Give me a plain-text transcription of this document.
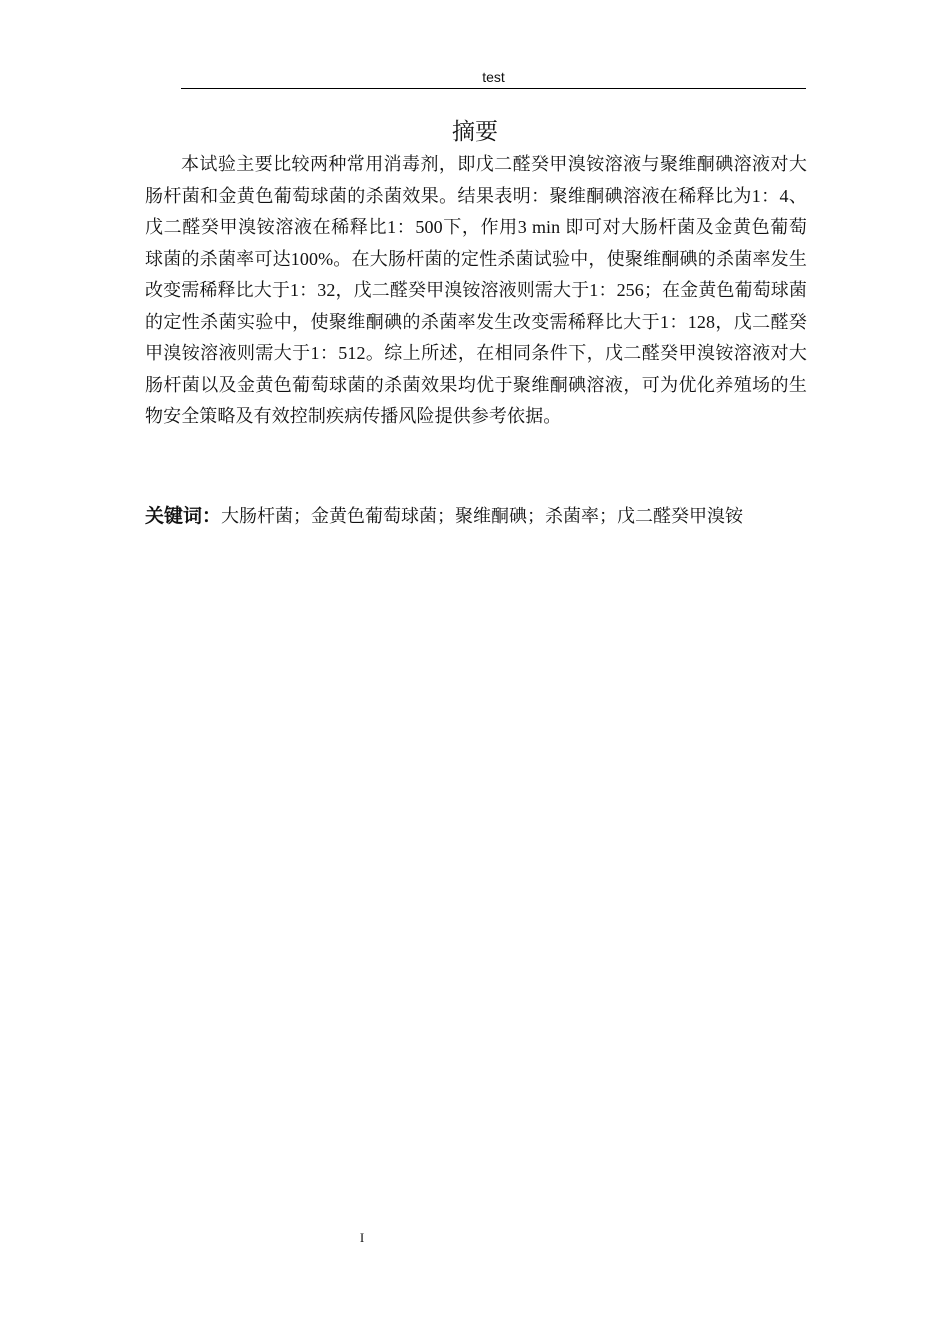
test
摘要

本试验主要比较两种常用消毒剂，即戊二醛癸甲溴铵溶液与聚维酮碘溶液对大肠杆菌和金黄色葡萄球菌的杀菌效果。结果表明：聚维酮碘溶液在稀释比为1：4、戊二醛癸甲溴铵溶液在稀释比1：500下，作用3 min 即可对大肠杆菌及金黄色葡萄球菌的杀菌率可达100%。在大肠杆菌的定性杀菌试验中，使聚维酮碘的杀菌率发生改变需稀释比大于1：32，戊二醛癸甲溴铵溶液则需大于1：256；在金黄色葡萄球菌的定性杀菌实验中，使聚维酮碘的杀菌率发生改变需稀释比大于1：128，戊二醛癸甲溴铵溶液则需大于1：512。综上所述，在相同条件下，戊二醛癸甲溴铵溶液对大肠杆菌以及金黄色葡萄球菌的杀菌效果均优于聚维酮碘溶液，可为优化养殖场的生物安全策略及有效控制疾病传播风险提供参考依据。

关键词：大肠杆菌；金黄色葡萄球菌；聚维酮碘；杀菌率；戊二醛癸甲溴铵
I
